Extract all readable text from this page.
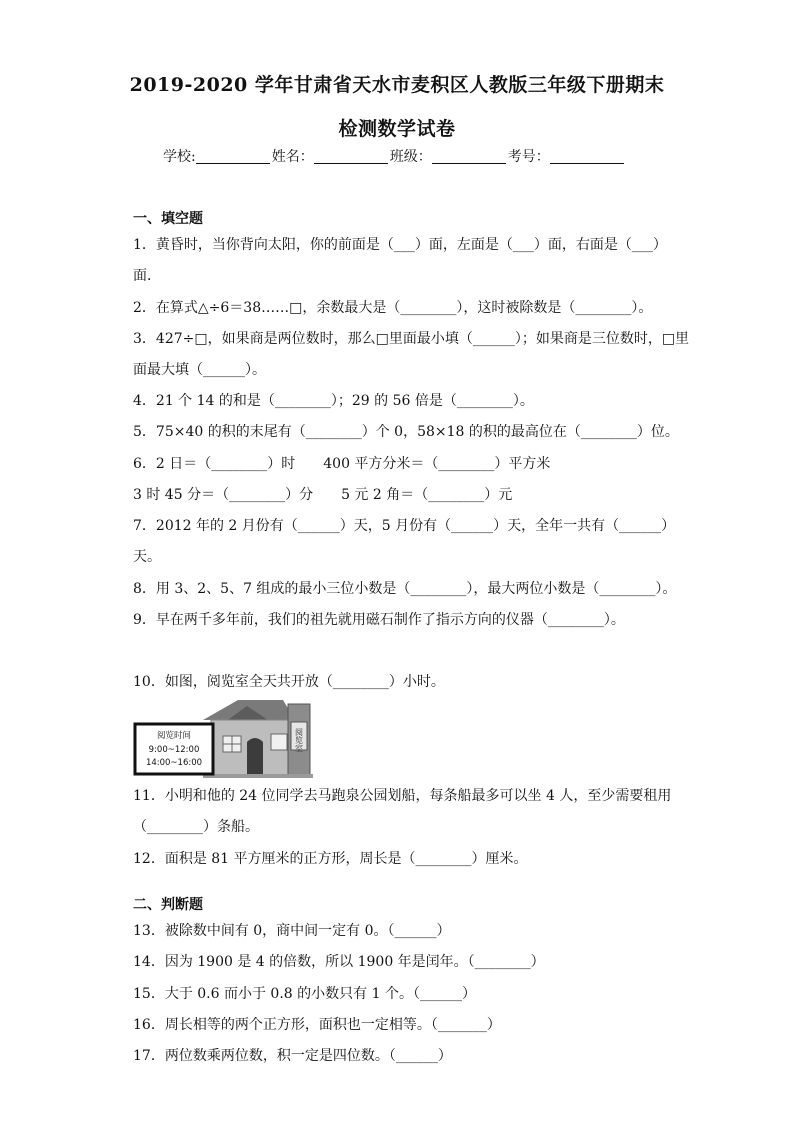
2019-2020 学年甘肃省天水市麦积区人教版三年级下册期末
检测数学试卷
学校:	姓名：	班级：	考号：
一、填空题
1．黄昏时，当你背向太阳，你的前面是（___）面，左面是（___）面，右面是（___）
面．
2．在算式△÷6＝38……□，余数最大是（________），这时被除数是（________）。
3．427÷□，如果商是两位数时，那么□里面最小填（______）；如果商是三位数时，□里
面最大填（______）。
4．21 个 14 的和是（________）；29 的 56 倍是（________）。
5．75×40 的积的末尾有（________）个 0，58×18 的积的最高位在（________）位。
6．2 日＝（________）时　　400 平方分米＝（________）平方米
3 时 45 分＝（________）分　　5 元 2 角＝（________）元
7．2012 年的 2 月份有（______）天，5 月份有（______）天，全年一共有（______）
天。
8．用 3、2、5、7 组成的最小三位小数是（________），最大两位小数是（________）。
9．早在两千多年前，我们的祖先就用磁石制作了指示方向的仪器（________）。
10．如图，阅览室全天共开放（________）小时。
阅览室
阅览时间
9:00~12:00
14:00~16:00
11．小明和他的 24 位同学去马跑泉公园划船，每条船最多可以坐 4 人，至少需要租用
（________）条船。
12．面积是 81 平方厘米的正方形，周长是（________）厘米。
二、判断题
13．被除数中间有 0，商中间一定有 0。（______）
14．因为 1900 是 4 的倍数，所以 1900 年是闰年。（________）
15．大于 0.6 而小于 0.8 的小数只有 1 个。（______）
16．周长相等的两个正方形，面积也一定相等。（_______）
17．两位数乘两位数，积一定是四位数。（______）
